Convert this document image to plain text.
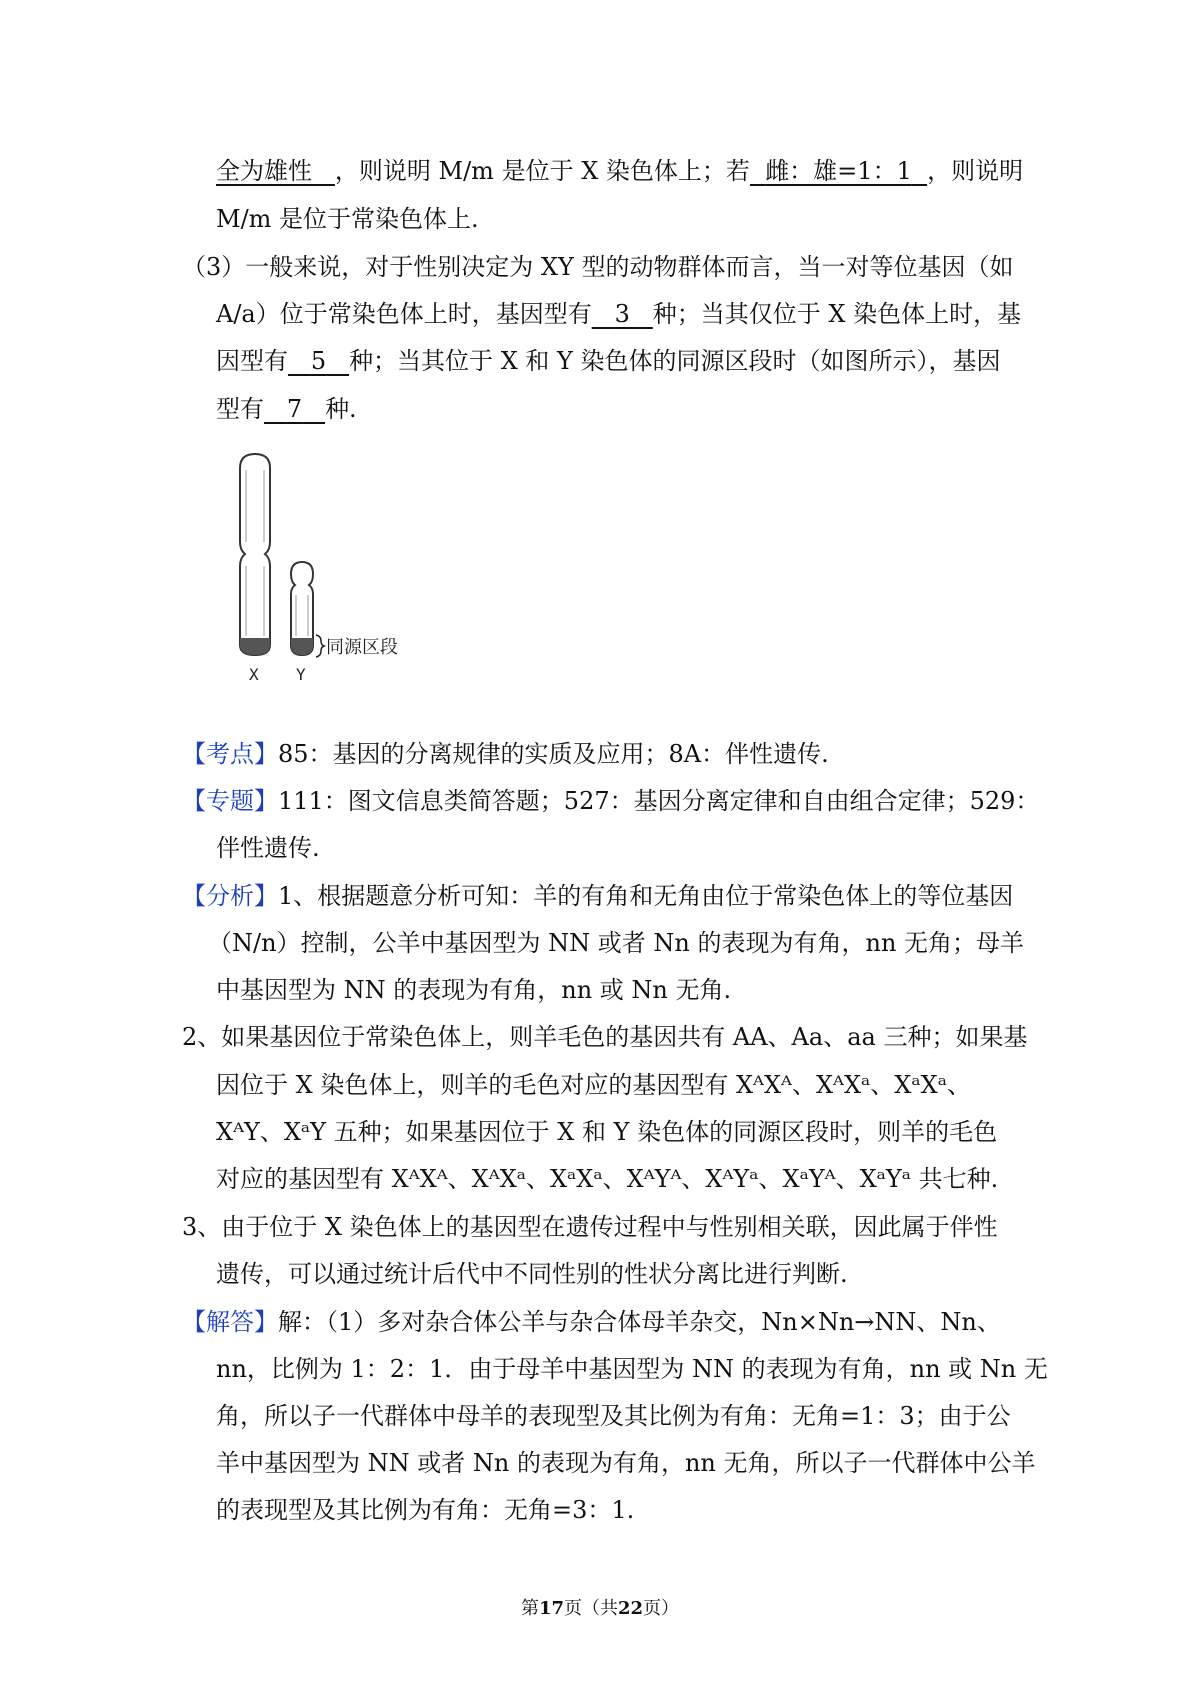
全为雄性 ，则说明 M/m 是位于 X 染色体上；若 雌：雄=1：1 ，则说明
M/m 是位于常染色体上.
（3）一般来说，对于性别决定为 XY 型的动物群体而言，当一对等位基因（如
A/a）位于常染色体上时，基因型有 3 种；当其仅位于 X 染色体上时，基
因型有 5 种；当其位于 X 和 Y 染色体的同源区段时（如图所示），基因
型有 7 种.
同源区段
X Y
【考点】85：基因的分离规律的实质及应用；8A：伴性遗传.
【专题】111：图文信息类简答题；527：基因分离定律和自由组合定律；529：
伴性遗传.
【分析】1、根据题意分析可知：羊的有角和无角由位于常染色体上的等位基因
（N/n）控制，公羊中基因型为 NN 或者 Nn 的表现为有角，nn 无角；母羊
中基因型为 NN 的表现为有角，nn 或 Nn 无角.
2、如果基因位于常染色体上，则羊毛色的基因共有 AA、Aa、aa 三种；如果基
因位于 X 染色体上，则羊的毛色对应的基因型有 XᴬXᴬ、XᴬXᵃ、XᵃXᵃ、
XᴬY、XᵃY 五种；如果基因位于 X 和 Y 染色体的同源区段时，则羊的毛色
对应的基因型有 XᴬXᴬ、XᴬXᵃ、XᵃXᵃ、XᴬYᴬ、XᴬYᵃ、XᵃYᴬ、XᵃYᵃ 共七种.
3、由于位于 X 染色体上的基因型在遗传过程中与性别相关联，因此属于伴性
遗传，可以通过统计后代中不同性别的性状分离比进行判断.
【解答】解：（1）多对杂合体公羊与杂合体母羊杂交，Nn×Nn→NN、Nn、
nn，比例为 1：2：1．由于母羊中基因型为 NN 的表现为有角，nn 或 Nn 无
角，所以子一代群体中母羊的表现型及其比例为有角：无角=1：3；由于公
羊中基因型为 NN 或者 Nn 的表现为有角，nn 无角，所以子一代群体中公羊
的表现型及其比例为有角：无角=3：1.
第17页（共22页）
